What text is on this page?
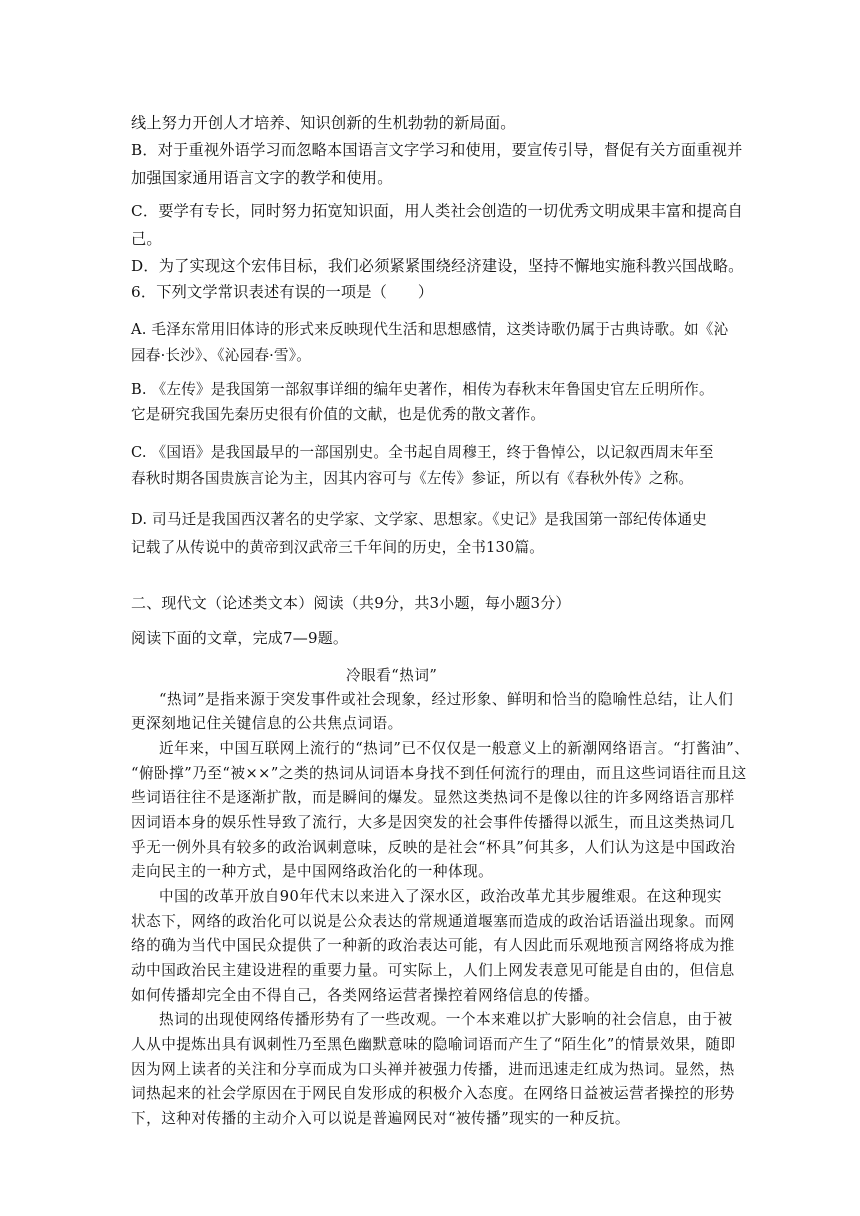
线上努力开创人才培养、知识创新的生机勃勃的新局面。

B．对于重视外语学习而忽略本国语言文字学习和使用，要宣传引导，督促有关方面重视并

加强国家通用语言文字的教学和使用。

C．要学有专长，同时努力拓宽知识面，用人类社会创造的一切优秀文明成果丰富和提高自

己。

D．为了实现这个宏伟目标，我们必须紧紧围绕经济建设，坚持不懈地实施科教兴国战略。

6．下列文学常识表述有误的一项是（　　）

A. 毛泽东常用旧体诗的形式来反映现代生活和思想感情，这类诗歌仍属于古典诗歌。如《沁

园春·长沙》、《沁园春·雪》。

B. 《左传》是我国第一部叙事详细的编年史著作，相传为春秋末年鲁国史官左丘明所作。

它是研究我国先秦历史很有价值的文献，也是优秀的散文著作。

C. 《国语》是我国最早的一部国别史。全书起自周穆王，终于鲁悼公，以记叙西周末年至

春秋时期各国贵族言论为主，因其内容可与《左传》参证，所以有《春秋外传》之称。

D. 司马迁是我国西汉著名的史学家、文学家、思想家。《史记》是我国第一部纪传体通史

记载了从传说中的黄帝到汉武帝三千年间的历史，全书130篇。

二、现代文（论述类文本）阅读（共9分，共3小题，每小题3分）

阅读下面的文章，完成7—9题。

冷眼看“热词”

“热词”是指来源于突发事件或社会现象，经过形象、鲜明和恰当的隐喻性总结，让人们

更深刻地记住关键信息的公共焦点词语。

近年来，中国互联网上流行的“热词”已不仅仅是一般意义上的新潮网络语言。“打酱油”、

“俯卧撑”乃至“被××”之类的热词从词语本身找不到任何流行的理由，而且这些词语往而且这

些词语往往不是逐渐扩散，而是瞬间的爆发。显然这类热词不是像以往的许多网络语言那样

因词语本身的娱乐性导致了流行，大多是因突发的社会事件传播得以派生，而且这类热词几

乎无一例外具有较多的政治讽刺意味，反映的是社会“杯具”何其多，人们认为这是中国政治

走向民主的一种方式，是中国网络政治化的一种体现。

中国的改革开放自90年代末以来进入了深水区，政治改革尤其步履维艰。在这种现实

状态下，网络的政治化可以说是公众表达的常规通道堰塞而造成的政治话语溢出现象。而网

络的确为当代中国民众提供了一种新的政治表达可能，有人因此而乐观地预言网络将成为推

动中国政治民主建设进程的重要力量。可实际上，人们上网发表意见可能是自由的，但信息

如何传播却完全由不得自己，各类网络运营者操控着网络信息的传播。

热词的出现使网络传播形势有了一些改观。一个本来难以扩大影响的社会信息，由于被

人从中提炼出具有讽刺性乃至黑色幽默意味的隐喻词语而产生了“陌生化”的情景效果，随即

因为网上读者的关注和分享而成为口头禅并被强力传播，进而迅速走红成为热词。显然，热

词热起来的社会学原因在于网民自发形成的积极介入态度。在网络日益被运营者操控的形势

下，这种对传播的主动介入可以说是普遍网民对“被传播”现实的一种反抗。
